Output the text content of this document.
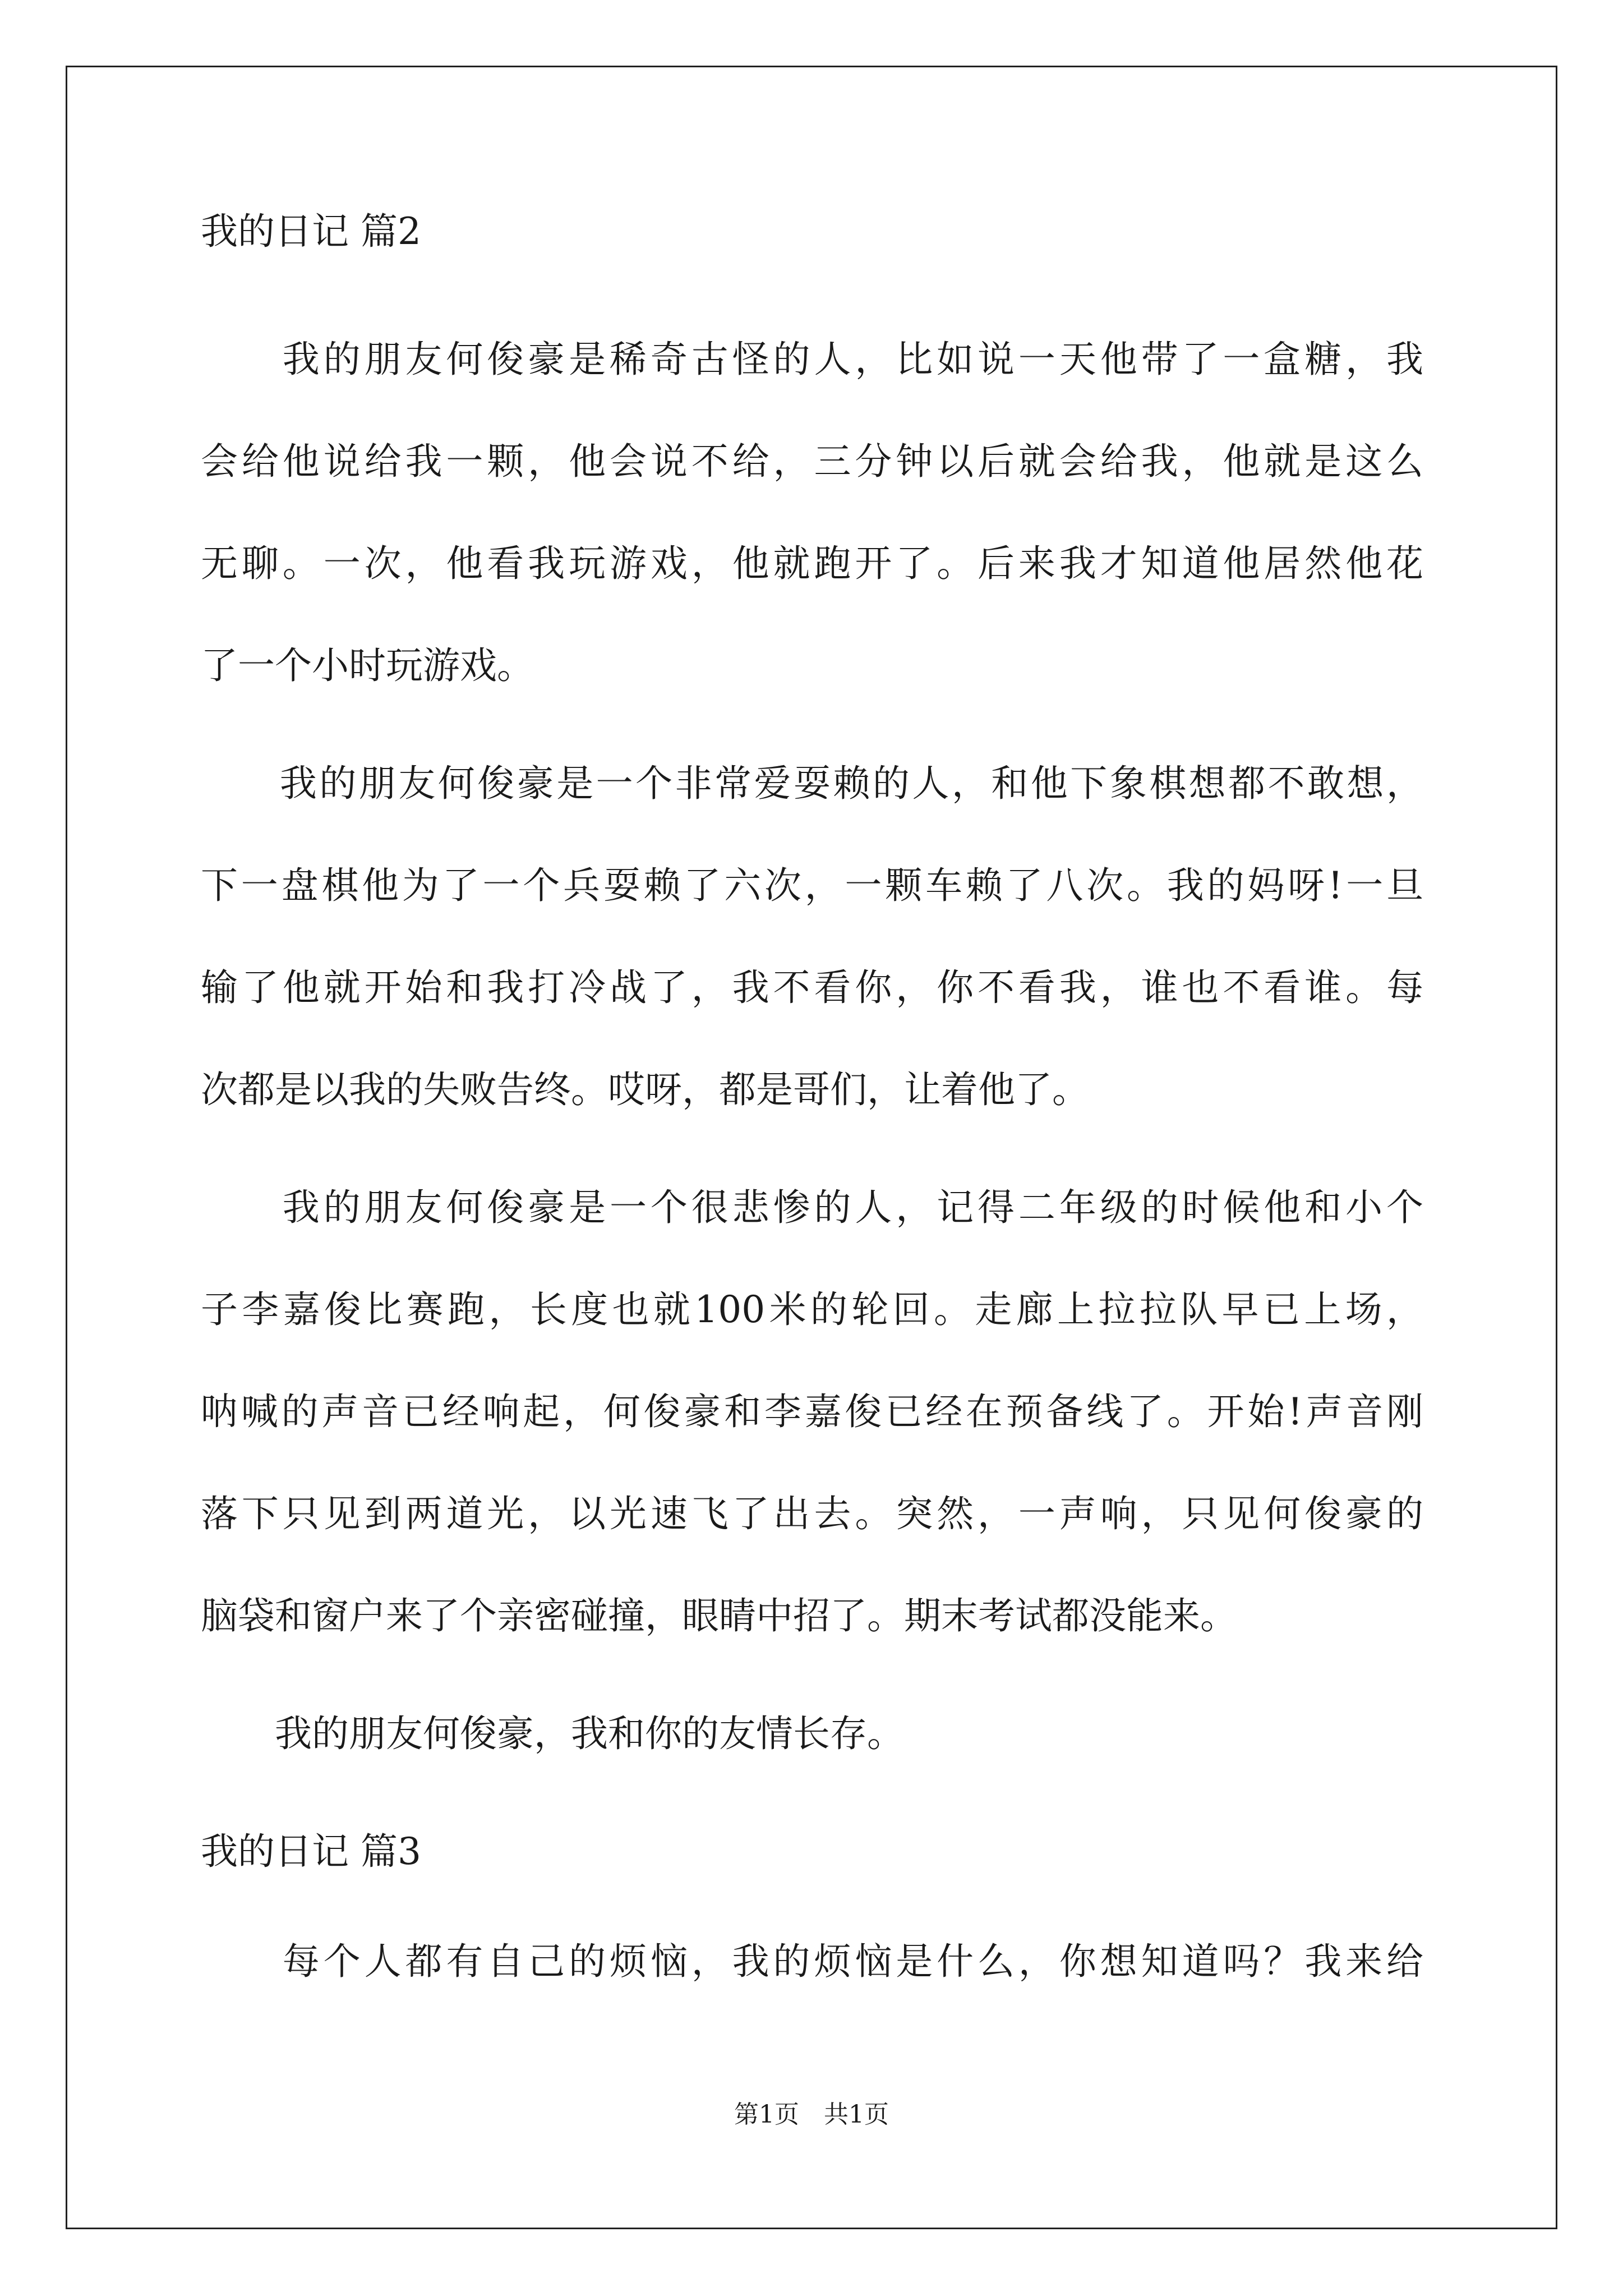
我的日记 篇2
　　我的朋友何俊豪是稀奇古怪的人，比如说一天他带了一盒糖，我
会给他说给我一颗，他会说不给，三分钟以后就会给我，他就是这么
无聊。一次，他看我玩游戏，他就跑开了。后来我才知道他居然他花
了一个小时玩游戏。
　　我的朋友何俊豪是一个非常爱耍赖的人，和他下象棋想都不敢想，
下一盘棋他为了一个兵耍赖了六次，一颗车赖了八次。我的妈呀!一旦
输了他就开始和我打冷战了，我不看你，你不看我，谁也不看谁。每
次都是以我的失败告终。哎呀，都是哥们，让着他了。
　　我的朋友何俊豪是一个很悲惨的人，记得二年级的时候他和小个
子李嘉俊比赛跑，长度也就100米的轮回。走廊上拉拉队早已上场，
呐喊的声音已经响起，何俊豪和李嘉俊已经在预备线了。开始!声音刚
落下只见到两道光，以光速飞了出去。突然，一声响，只见何俊豪的
脑袋和窗户来了个亲密碰撞，眼睛中招了。期末考试都没能来。
　　我的朋友何俊豪，我和你的友情长存。
我的日记 篇3
　　每个人都有自己的烦恼，我的烦恼是什么，你想知道吗？我来给
第1页　共1页
